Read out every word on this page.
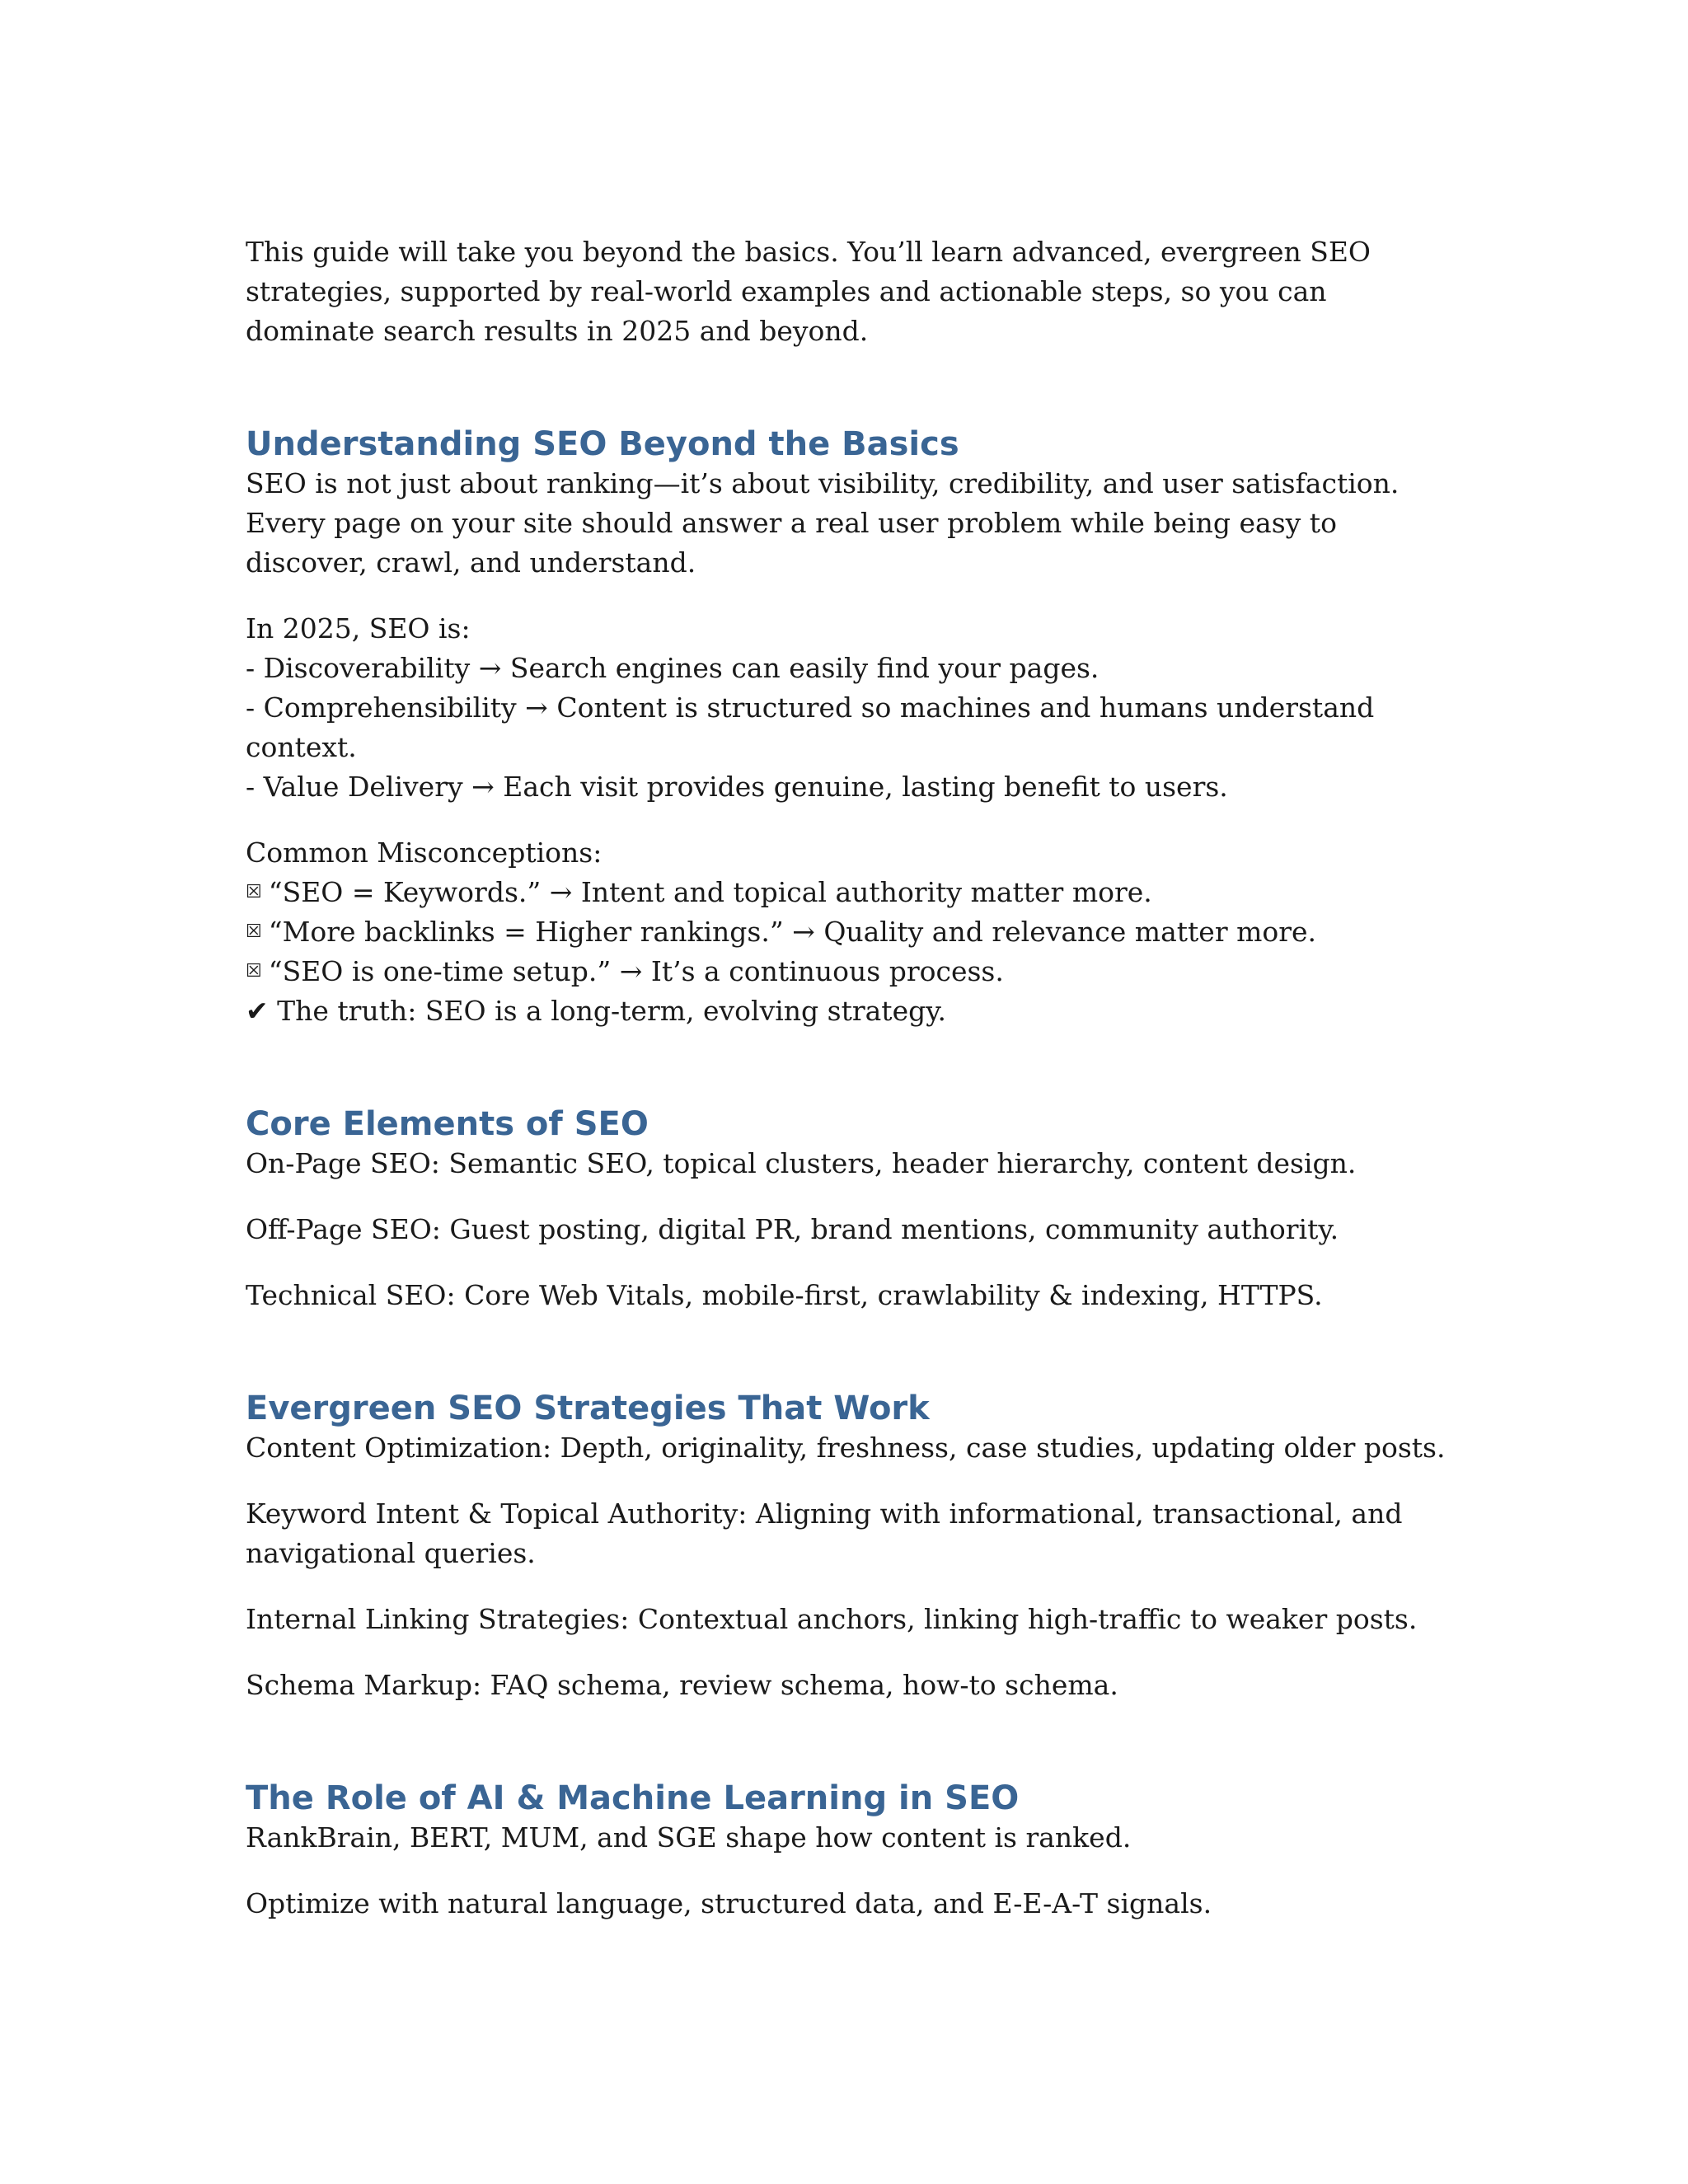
This guide will take you beyond the basics. You’ll learn advanced, evergreen SEO strategies, supported by real-world examples and actionable steps, so you can dominate search results in 2025 and beyond.

Understanding SEO Beyond the Basics

SEO is not just about ranking—it’s about visibility, credibility, and user satisfaction. Every page on your site should answer a real user problem while being easy to discover, crawl, and understand.

In 2025, SEO is:
- Discoverability → Search engines can easily find your pages.
- Comprehensibility → Content is structured so machines and humans understand context.
- Value Delivery → Each visit provides genuine, lasting benefit to users.
Common Misconceptions:
☒ “SEO = Keywords.” → Intent and topical authority matter more.
☒ “More backlinks = Higher rankings.” → Quality and relevance matter more.
☒ “SEO is one-time setup.” → It’s a continuous process.
✔ The truth: SEO is a long-term, evolving strategy.
Core Elements of SEO

On-Page SEO: Semantic SEO, topical clusters, header hierarchy, content design.

Off-Page SEO: Guest posting, digital PR, brand mentions, community authority.

Technical SEO: Core Web Vitals, mobile-first, crawlability & indexing, HTTPS.

Evergreen SEO Strategies That Work

Content Optimization: Depth, originality, freshness, case studies, updating older posts.

Keyword Intent & Topical Authority: Aligning with informational, transactional, and navigational queries.

Internal Linking Strategies: Contextual anchors, linking high-traffic to weaker posts.

Schema Markup: FAQ schema, review schema, how-to schema.

The Role of AI & Machine Learning in SEO

RankBrain, BERT, MUM, and SGE shape how content is ranked.

Optimize with natural language, structured data, and E-E-A-T signals.
